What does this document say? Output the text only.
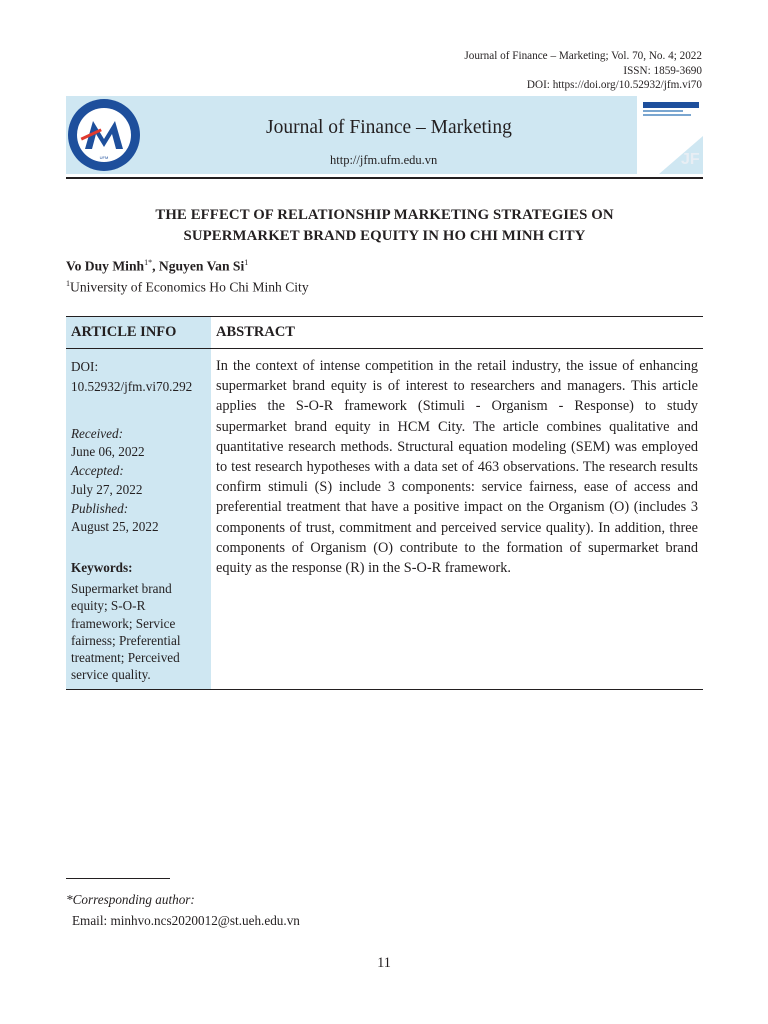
Journal of Finance – Marketing; Vol. 70, No. 4; 2022
ISSN: 1859-3690
DOI: https://doi.org/10.52932/jfm.vi70
UFM
Journal of Finance – Marketing
http://jfm.ufm.edu.vn	JF
THE EFFECT OF RELATIONSHIP MARKETING STRATEGIES ON
SUPERMARKET BRAND EQUITY IN HO CHI MINH CITY
Vo Duy Minh$^{1*}$, Nguyen Van Si$^1$
$^1$University of Economics Ho Chi Minh City
ARTICLE INFO	ABSTRACT
DOI:
10.52932/jfm.vi70.292
Received:
June 06, 2022
Accepted:
July 27, 2022
Published:
August 25, 2022
Keywords:
Supermarket brand
equity; S-O-R
framework; Service
fairness; Preferential
treatment; Perceived
service quality.
In the context of intense competition in the retail industry, the issue of enhancing supermarket brand equity is of interest to researchers and managers. This article applies the S-O-R framework (Stimuli - Organism - Response) to study supermarket brand equity in HCM City. The article combines qualitative and quantitative research methods. Structural equation modeling (SEM) was employed to test research hypotheses with a data set of 463 observations. The research results confirm stimuli (S) include 3 components: service fairness, ease of access and preferential treatment that have a positive impact on the Organism (O) (includes 3 components of trust, commitment and perceived service quality). In addition, three components of Organism (O) contribute to the formation of supermarket brand equity as the response (R) in the S-O-R framework.
*Corresponding author:
Email: minhvo.ncs2020012@st.ueh.edu.vn
11
